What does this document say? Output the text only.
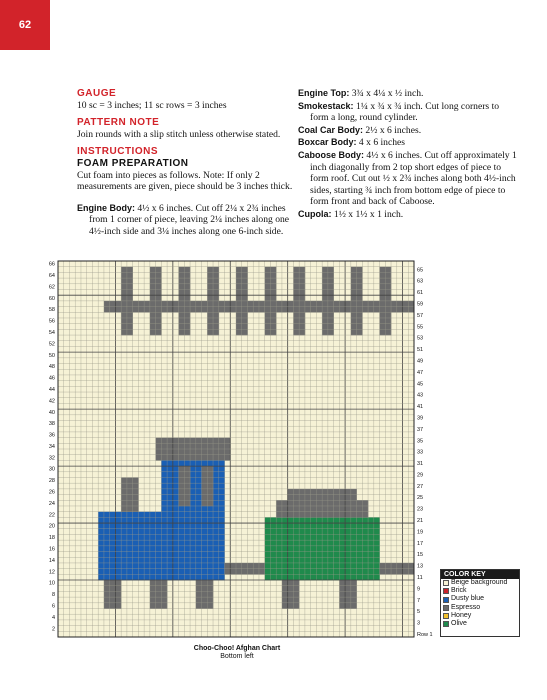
62
GAUGE
10 sc = 3 inches; 11 sc rows = 3 inches
PATTERN NOTE
Join rounds with a slip stitch unless otherwise stated.
INSTRUCTIONS
FOAM PREPARATION
Cut foam into pieces as follows. Note: If only 2 measurements are given, piece should be 3 inches thick.
Engine Body: 4½ x 6 inches. Cut off 2¼ x 2¾ inches from 1 corner of piece, leaving 2¼ inches along one 4½-inch side and 3¼ inches along one 6-inch side.
Engine Top: 3¾ x 4¼ x ½ inch.
Smokestack: 1¼ x ¾ x ¾ inch. Cut long corners to form a long, round cylinder.
Coal Car Body: 2½ x 6 inches.
Boxcar Body: 4 x 6 inches
Caboose Body: 4½ x 6 inches. Cut off approximately 1 inch diagonally from 2 top short edges of piece to form roof. Cut out ½ x 2¾ inches along both 4½-inch sides, starting ¾ inch from bottom edge of piece to form front and back of Caboose.
Cupola: 1½ x 1½ x 1 inch.
2
4
6
8
10
12
14
16
18
20
22
24
26
28
30
32
34
36
38
40
42
44
46
48
50
52
54
56
58
60
62
64
66
3
5
7
9
11
13
15
17
19
21
23
25
27
29
31
33
35
37
39
41
43
45
47
49
51
53
55
57
59
61
63
65
Row 1
Choo-Choo! Afghan Chart
Bottom left
COLOR KEY
Beige background
Brick
Dusty blue
Espresso
Honey
Olive
